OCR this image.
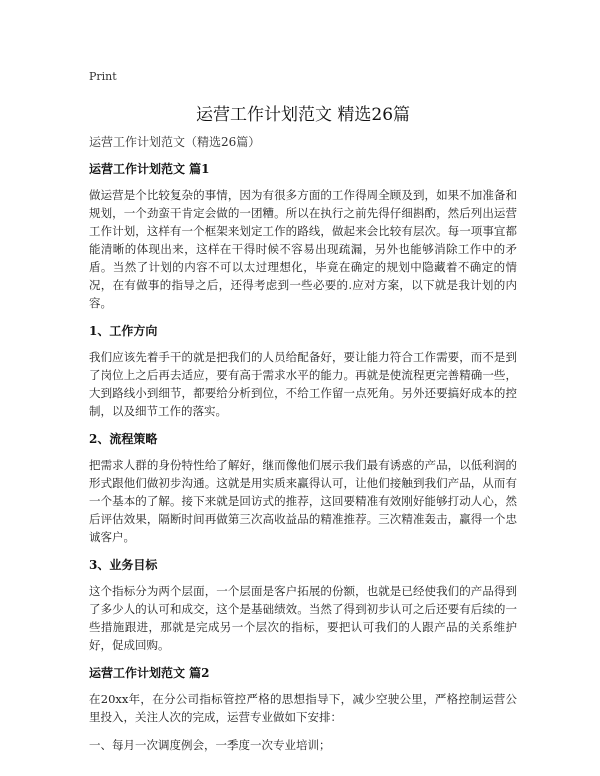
Print
运营工作计划范文 精选26篇
运营工作计划范文（精选26篇）
运营工作计划范文 篇1

做运营是个比较复杂的事情，因为有很多方面的工作得周全顾及到，如果不加准备和规划，一个劲蛮干肯定会做的一团糟。所以在执行之前先得仔细斟酌，然后列出运营工作计划，这样有一个框架来划定工作的路线，做起来会比较有层次。每一项事宜都能清晰的体现出来，这样在干得时候不容易出现疏漏，另外也能够消除工作中的矛盾。当然了计划的内容不可以太过理想化，毕竟在确定的规划中隐藏着不确定的情况，在有做事的指导之后，还得考虑到一些必要的.应对方案，以下就是我计划的内容。

1、工作方向

我们应该先着手干的就是把我们的人员给配备好，要让能力符合工作需要，而不是到了岗位上之后再去适应，要有高于需求水平的能力。再就是使流程更完善精确一些，大到路线小到细节，都要给分析到位，不给工作留一点死角。另外还要搞好成本的控制，以及细节工作的落实。

2、流程策略

把需求人群的身份特性给了解好，继而像他们展示我们最有诱惑的产品，以低利润的形式跟他们做初步沟通。这就是用实质来赢得认可，让他们接触到我们产品，从而有一个基本的了解。接下来就是回访式的推荐，这回要精准有效刚好能够打动人心，然后评估效果，隔断时间再做第三次高收益品的精准推荐。三次精准轰击，赢得一个忠诚客户。

3、业务目标

这个指标分为两个层面，一个层面是客户拓展的份额，也就是已经使我们的产品得到了多少人的认可和成交，这个是基础绩效。当然了得到初步认可之后还要有后续的一些措施跟进，那就是完成另一个层次的指标，要把认可我们的人跟产品的关系维护好，促成回购。

运营工作计划范文 篇2

在20xx年，在分公司指标管控严格的思想指导下，减少空驶公里，严格控制运营公里投入，关注人次的完成，运营专业做如下安排：

一、每月一次调度例会，一季度一次专业培训；
